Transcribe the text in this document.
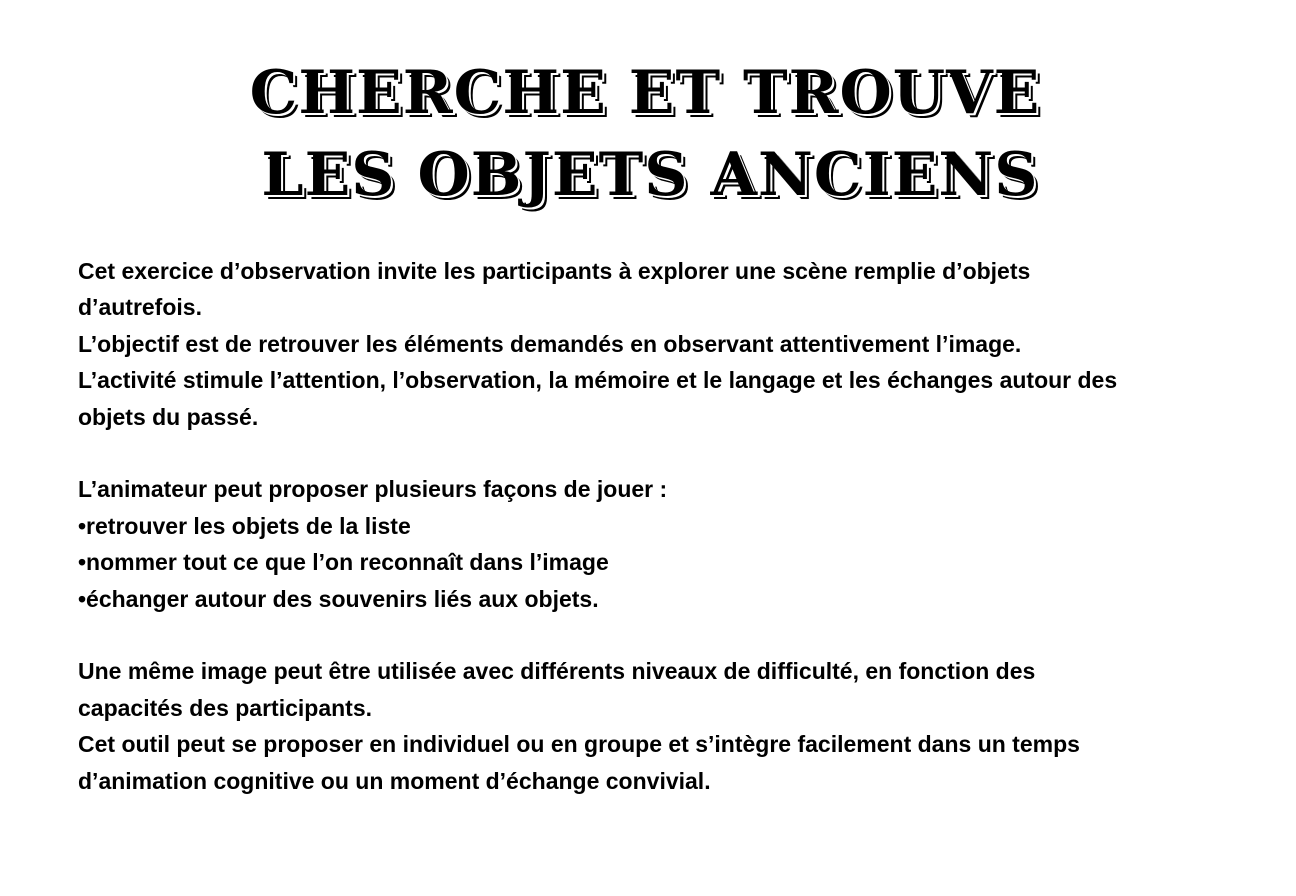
CHERCHE ET TROUVE
LES OBJETS ANCIENS

Cet exercice d’observation invite les participants à explorer une scène remplie d’objets

d’autrefois.

L’objectif est de retrouver les éléments demandés en observant attentivement l’image.

L’activité stimule l’attention, l’observation, la mémoire et le langage et les échanges autour des

objets du passé.

L’animateur peut proposer plusieurs façons de jouer :

•retrouver les objets de la liste

•nommer tout ce que l’on reconnaît dans l’image

•échanger autour des souvenirs liés aux objets.

Une même image peut être utilisée avec différents niveaux de difficulté, en fonction des

capacités des participants.

Cet outil peut se proposer en individuel ou en groupe et s’intègre facilement dans un temps

d’animation cognitive ou un moment d’échange convivial.
